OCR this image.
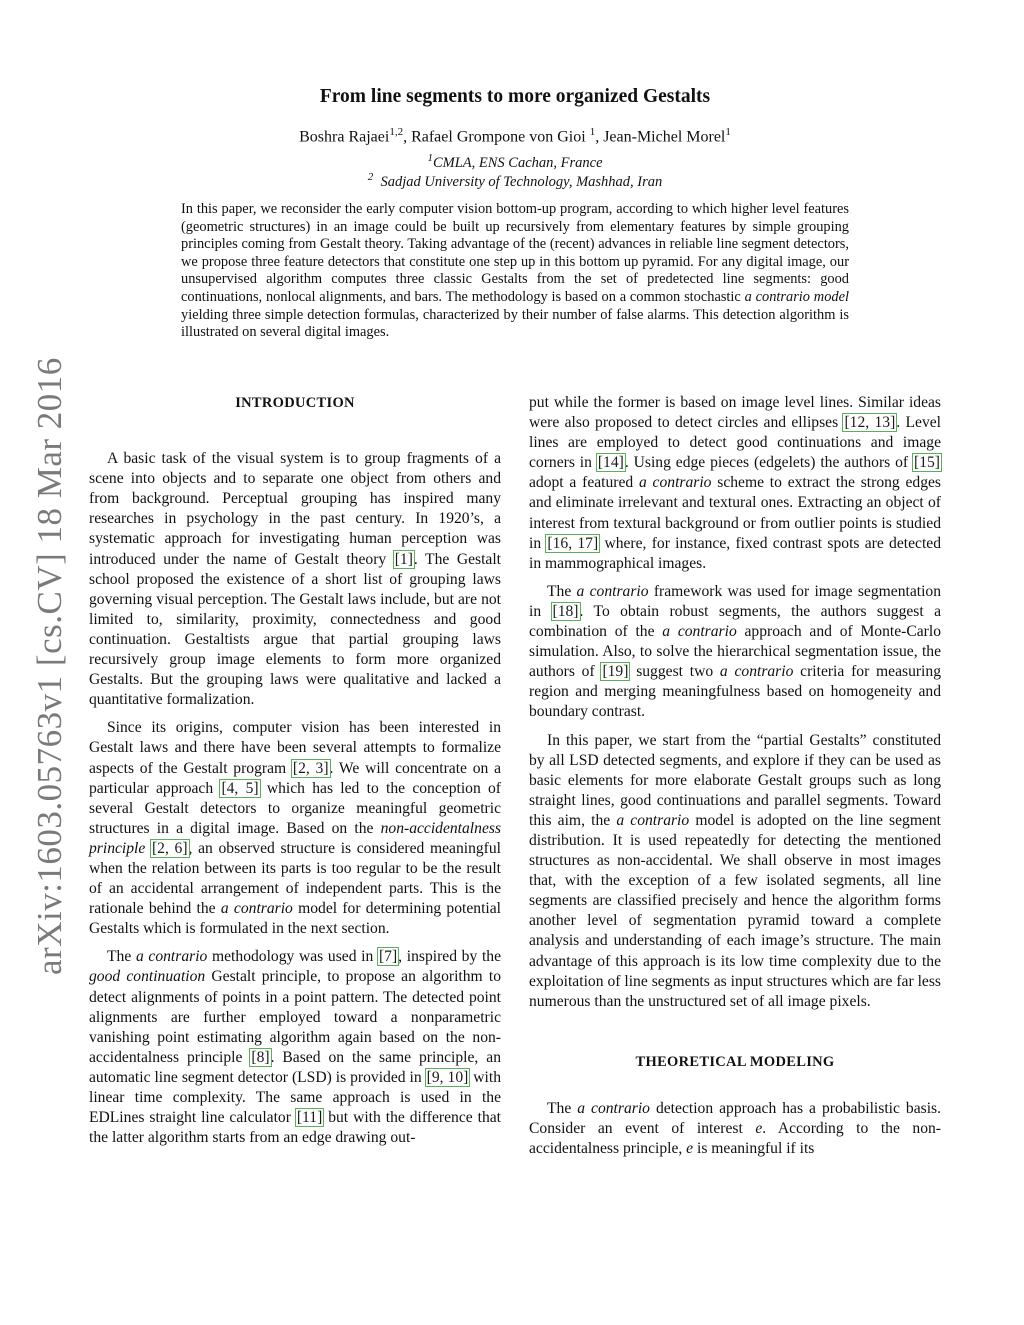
arXiv:1603.05763v1 [cs.CV] 18 Mar 2016
From line segments to more organized Gestalts
Boshra Rajaei$^{1,2}$, Rafael Grompone von Gioi $^1$, Jean-Michel Morel$^1$
$^1$CMLA, ENS Cachan, France
$^2$ Sadjad University of Technology, Mashhad, Iran

In this paper, we reconsider the early computer vision bottom-up program, according to which higher level features (geometric structures) in an image could be built up recursively from elementary features by simple grouping principles coming from Gestalt theory. Taking advantage of the (recent) advances in reliable line segment detectors, we propose three feature detectors that constitute one step up in this bottom up pyramid. For any digital image, our unsupervised algorithm computes three classic Gestalts from the set of predetected line segments: good continuations, nonlocal alignments, and bars. The methodology is based on a common stochastic a contrario model yielding three simple detection formulas, characterized by their number of false alarms. This detection algorithm is illustrated on several digital images.

INTRODUCTION

A basic task of the visual system is to group fragments of a scene into objects and to separate one object from others and from background. Perceptual grouping has inspired many researches in psychology in the past century. In 1920’s, a systematic approach for investigating human perception was introduced under the name of Gestalt theory [1]. The Gestalt school proposed the existence of a short list of grouping laws governing visual perception. The Gestalt laws include, but are not limited to, similarity, proximity, connectedness and good continuation. Gestaltists argue that partial grouping laws recursively group image elements to form more organized Gestalts. But the grouping laws were qualitative and lacked a quantitative formalization.

Since its origins, computer vision has been interested in Gestalt laws and there have been several attempts to formalize aspects of the Gestalt program [2, 3]. We will concentrate on a particular approach [4, 5] which has led to the conception of several Gestalt detectors to organize meaningful geometric structures in a digital image. Based on the non-accidentalness principle [2, 6], an observed structure is considered meaningful when the relation between its parts is too regular to be the result of an accidental arrangement of independent parts. This is the rationale behind the a contrario model for determining potential Gestalts which is formulated in the next section.

The a contrario methodology was used in [7], inspired by the good continuation Gestalt principle, to propose an algorithm to detect alignments of points in a point pattern. The detected point alignments are further employed toward a nonparametric vanishing point estimating algorithm again based on the non-accidentalness principle [8]. Based on the same principle, an automatic line segment detector (LSD) is provided in [9, 10] with linear time complexity. The same approach is used in the EDLines straight line calculator [11] but with the difference that the latter algorithm starts from an edge drawing out-

put while the former is based on image level lines. Similar ideas were also proposed to detect circles and ellipses [12, 13]. Level lines are employed to detect good continuations and image corners in [14]. Using edge pieces (edgelets) the authors of [15] adopt a featured a contrario scheme to extract the strong edges and eliminate irrelevant and textural ones. Extracting an object of interest from textural background or from outlier points is studied in [16, 17] where, for instance, fixed contrast spots are detected in mammographical images.

The a contrario framework was used for image segmentation in [18]. To obtain robust segments, the authors suggest a combination of the a contrario approach and of Monte-Carlo simulation. Also, to solve the hierarchical segmentation issue, the authors of [19] suggest two a contrario criteria for measuring region and merging meaningfulness based on homogeneity and boundary contrast.

In this paper, we start from the “partial Gestalts” constituted by all LSD detected segments, and explore if they can be used as basic elements for more elaborate Gestalt groups such as long straight lines, good continuations and parallel segments. Toward this aim, the a contrario model is adopted on the line segment distribution. It is used repeatedly for detecting the mentioned structures as non-accidental. We shall observe in most images that, with the exception of a few isolated segments, all line segments are classified precisely and hence the algorithm forms another level of segmentation pyramid toward a complete analysis and understanding of each image’s structure. The main advantage of this approach is its low time complexity due to the exploitation of line segments as input structures which are far less numerous than the unstructured set of all image pixels.

THEORETICAL MODELING

The a contrario detection approach has a probabilistic basis. Consider an event of interest e. According to the non-accidentalness principle, e is meaningful if its
